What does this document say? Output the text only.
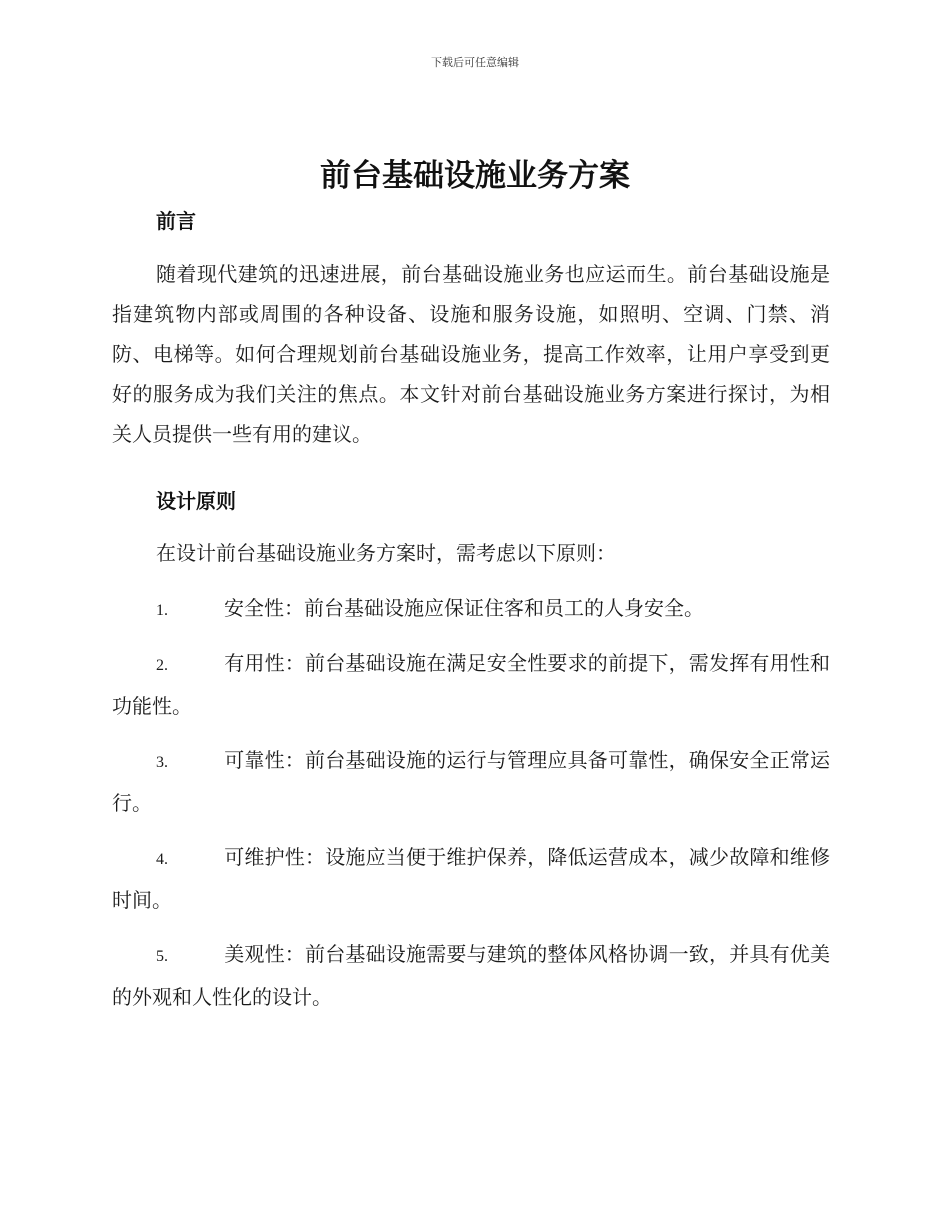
下载后可任意编辑
前台基础设施业务方案
前言

随着现代建筑的迅速进展，前台基础设施业务也应运而生。前台基础设施是指建筑物内部或周围的各种设备、设施和服务设施，如照明、空调、门禁、消防、电梯等。如何合理规划前台基础设施业务，提高工作效率，让用户享受到更好的服务成为我们关注的焦点。本文针对前台基础设施业务方案进行探讨，为相关人员提供一些有用的建议。

设计原则

在设计前台基础设施业务方案时，需考虑以下原则：

1.	安全性：前台基础设施应保证住客和员工的人身安全。

2.	有用性：前台基础设施在满足安全性要求的前提下，需发挥有用性和功能性。

3.	可靠性：前台基础设施的运行与管理应具备可靠性，确保安全正常运行。

4.	可维护性：设施应当便于维护保养，降低运营成本，减少故障和维修时间。

5.	美观性：前台基础设施需要与建筑的整体风格协调一致，并具有优美的外观和人性化的设计。
